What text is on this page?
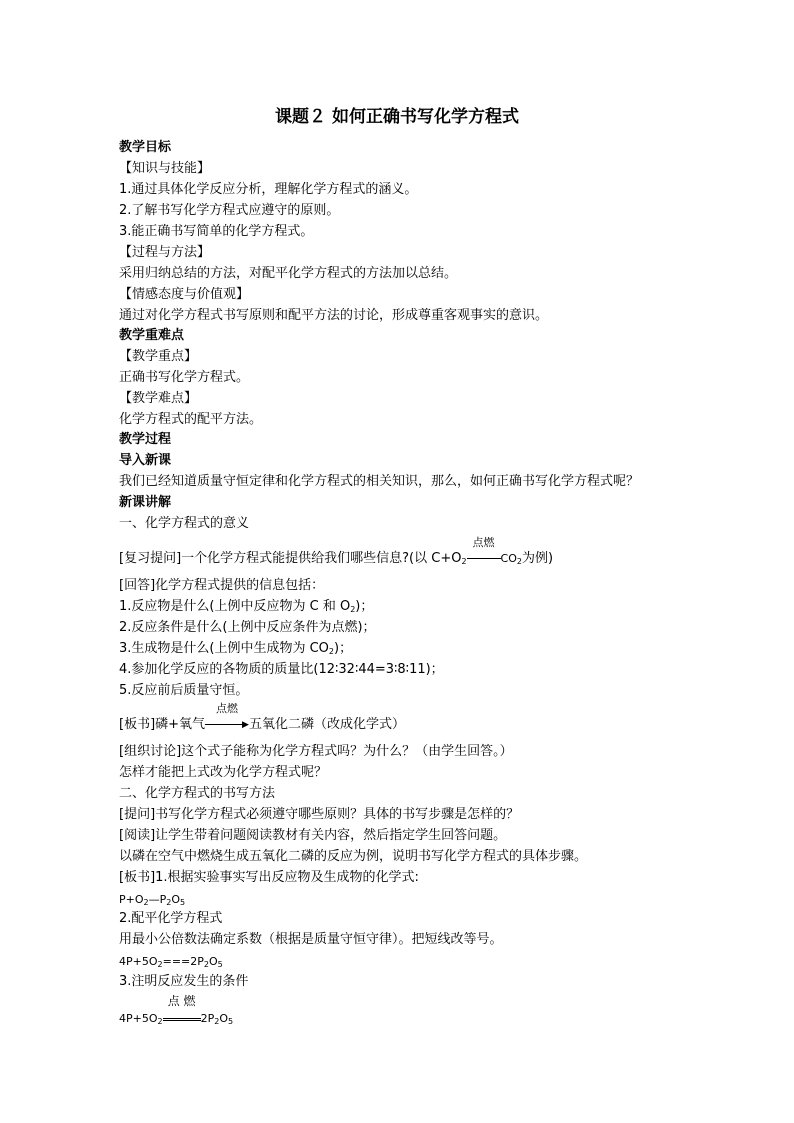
课题２ 如何正确书写化学方程式
教学目标
【知识与技能】
1.通过具体化学反应分析，理解化学方程式的涵义。
2.了解书写化学方程式应遵守的原则。
3.能正确书写简单的化学方程式。
【过程与方法】
采用归纳总结的方法，对配平化学方程式的方法加以总结。
【情感态度与价值观】
通过对化学方程式书写原则和配平方法的讨论，形成尊重客观事实的意识。
教学重难点
【教学重点】
正确书写化学方程式。
【教学难点】
化学方程式的配平方法。
教学过程
导入新课
我们已经知道质量守恒定律和化学方程式的相关知识，那么，如何正确书写化学方程式呢？
新课讲解
一、化学方程式的意义
[复习提问]一个化学方程式能提供给我们哪些信息?(以 $C+O_2$
点燃
$CO_2$为例)
[回答]化学方程式提供的信息包括：
1.反应物是什么(上例中反应物为 C 和 $O_2$)；
2.反应条件是什么(上例中反应条件为点燃)；
3.生成物是什么(上例中生成物为 $CO_2$)；
4.参加化学反应的各物质的质量比(12∶32∶44=3∶8∶11)；
5.反应前后质量守恒。
[板书]磷+氧气
点燃
▶五氧化二磷（改成化学式）
[组织讨论]这个式子能称为化学方程式吗？为什么？（由学生回答。）
怎样才能把上式改为化学方程式呢？
二、化学方程式的书写方法
[提问]书写化学方程式必须遵守哪些原则？具体的书写步骤是怎样的？
[阅读]让学生带着问题阅读教材有关内容，然后指定学生回答问题。
以磷在空气中燃烧生成五氧化二磷的反应为例，说明书写化学方程式的具体步骤。
[板书]1.根据实验事实写出反应物及生成物的化学式:
$P+O_2—P_2O_5$
2.配平化学方程式
用最小公倍数法确定系数（根据是质量守恒守律）。把短线改等号。
$4P+5O_2===2P_2O_5$
3.注明反应发生的条件
$4P+5O_2$
点 燃
$2P_2O_5$
